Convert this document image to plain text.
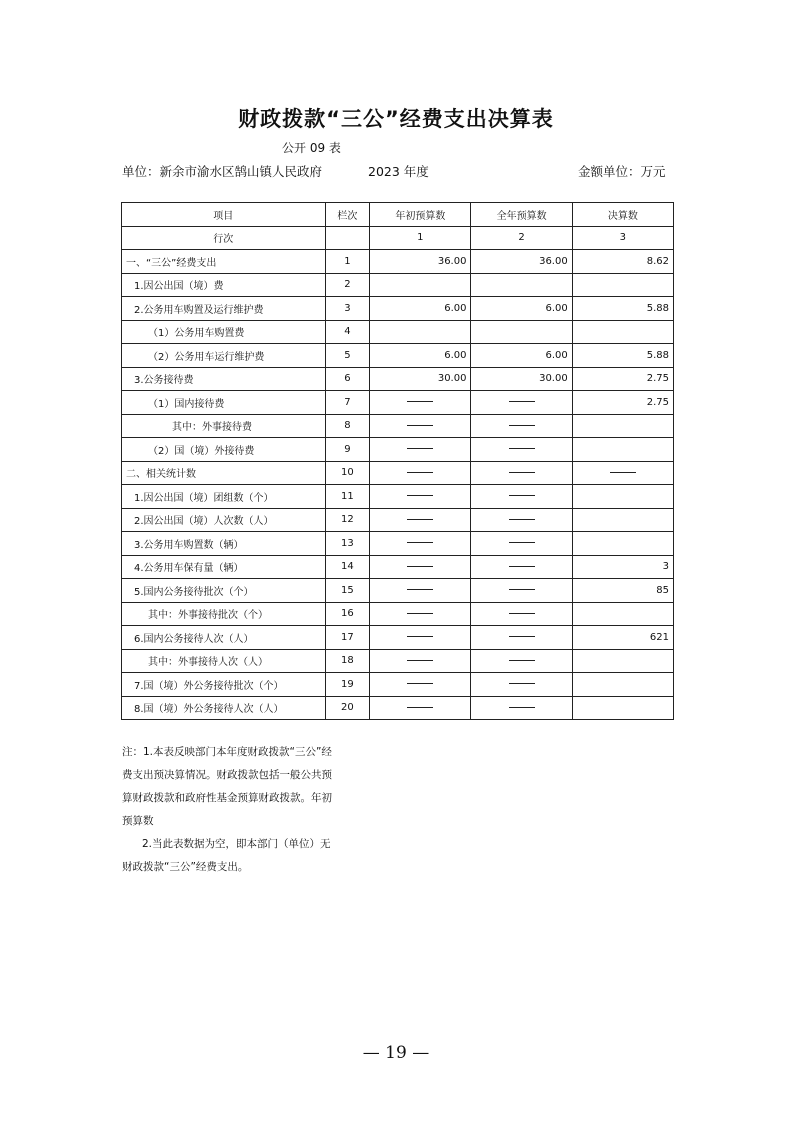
财政拨款“三公”经费支出决算表
公开 09 表
单位：新余市渝水区鹄山镇人民政府	2023 年度	金额单位：万元
项目	栏次	年初预算数	全年预算数	决算数
行次		1	2	3
一、“三公”经费支出	1	36.00	36.00	8.62
1.因公出国（境）费	2			
2.公务用车购置及运行维护费	3	6.00	6.00	5.88
（1）公务用车购置费	4			
（2）公务用车运行维护费	5	6.00	6.00	5.88
3.公务接待费	6	30.00	30.00	2.75
（1）国内接待费	7			2.75
其中：外事接待费	8			
（2）国（境）外接待费	9			
二、相关统计数	10			
1.因公出国（境）团组数（个）	11			
2.因公出国（境）人次数（人）	12			
3.公务用车购置数（辆）	13			
4.公务用车保有量（辆）	14			3
5.国内公务接待批次（个）	15			85
其中：外事接待批次（个）	16			
6.国内公务接待人次（人）	17			621
其中：外事接待人次（人）	18			
7.国（境）外公务接待批次（个）	19			
8.国（境）外公务接待人次（人）	20			

注：1.本表反映部门本年度财政拨款“三公”经费支出预决算情况。财政拨款包括一般公共预算财政拨款和政府性基金预算财政拨款。年初预算数

2.当此表数据为空，即本部门（单位）无财政拨款“三公”经费支出。

— 19 —
